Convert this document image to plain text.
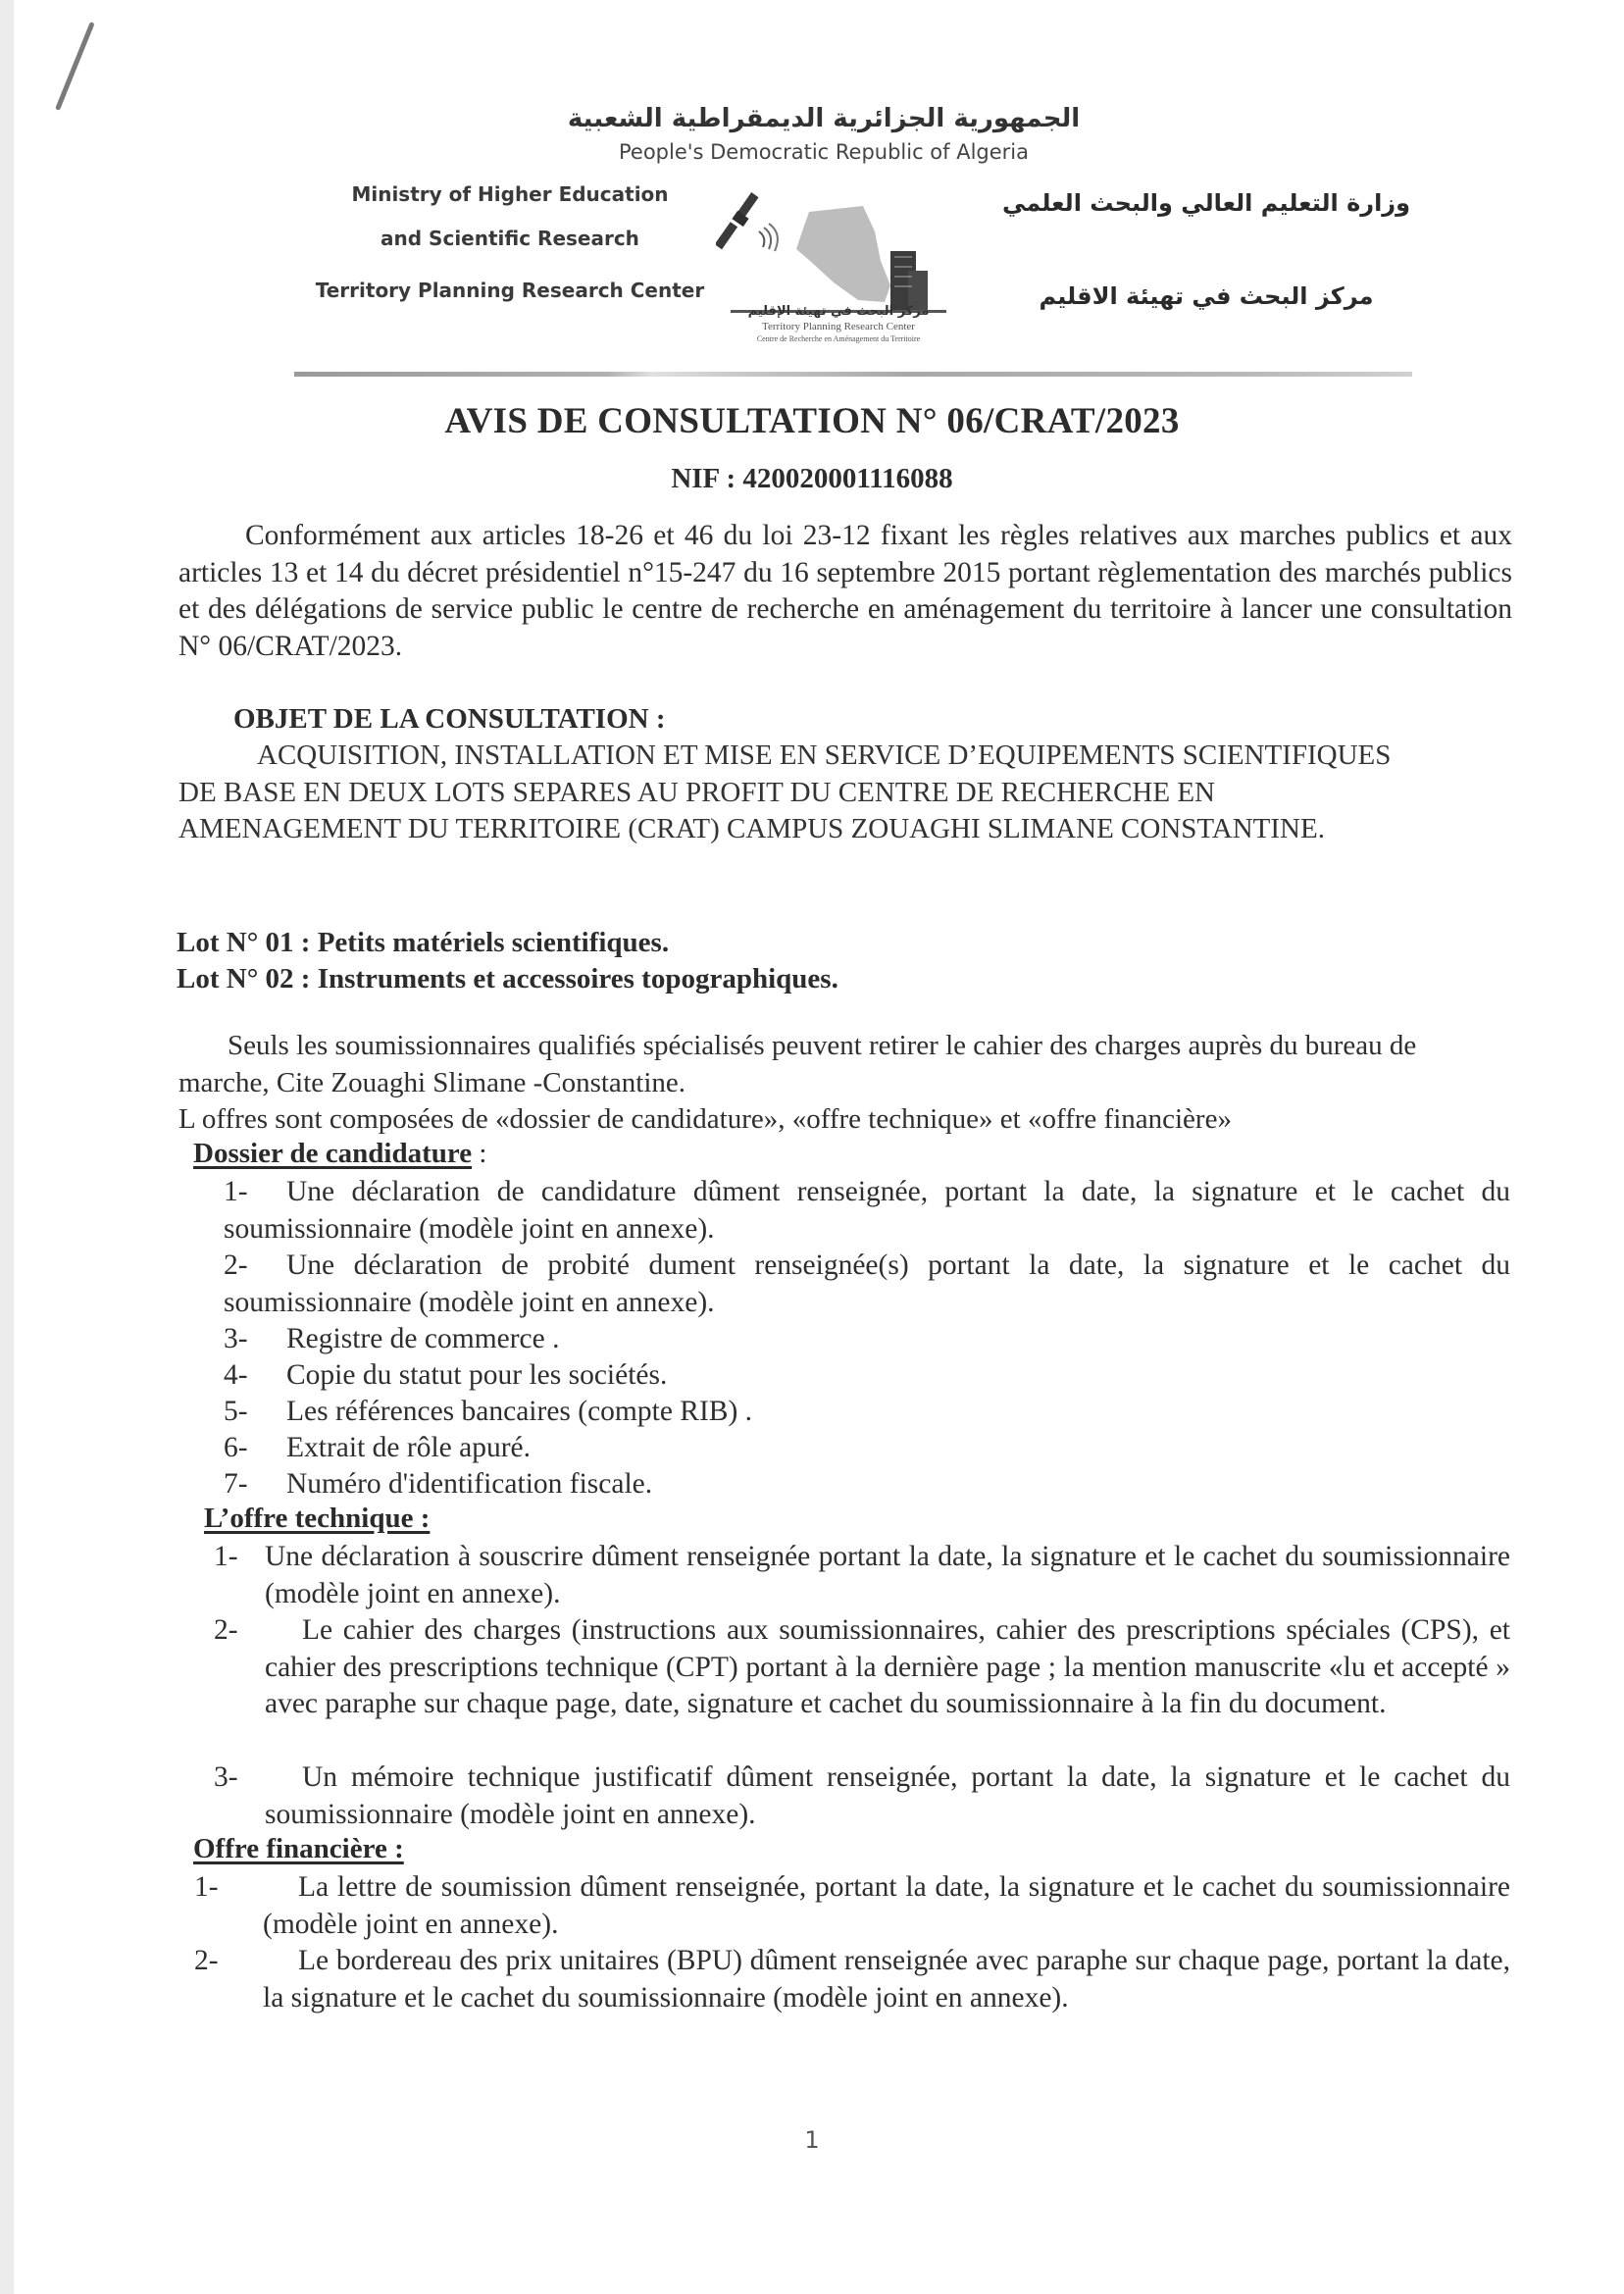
الجمهورية الجزائرية الديمقراطية الشعبية
People's Democratic Republic of Algeria
Ministry of Higher Education
and Scientific Research
Territory Planning Research Center
وزارة التعليم العالي والبحث العلمي
مركز البحث في تهيئة الاقليم
مركز البحث في تهيئة الإقليم
Territory Planning Research Center
Centre de Recherche en Aménagement du Territoire
AVIS DE CONSULTATION N° 06/CRAT/2023
NIF : 420020001116088
Conformément aux articles 18-26 et 46 du loi 23-12 fixant les règles relatives aux marches publics et aux articles 13 et 14 du décret présidentiel n°15-247 du 16 septembre 2015 portant règlementation des marchés publics et des délégations de service public le centre de recherche en aménagement du territoire à lancer une consultation N° 06/CRAT/2023.
OBJET DE LA CONSULTATION :
ACQUISITION, INSTALLATION ET MISE EN SERVICE D’EQUIPEMENTS SCIENTIFIQUES DE BASE EN DEUX LOTS SEPARES AU PROFIT DU CENTRE DE RECHERCHE EN AMENAGEMENT DU TERRITOIRE (CRAT) CAMPUS ZOUAGHI SLIMANE CONSTANTINE.
Lot N° 01 : Petits matériels scientifiques.
Lot N° 02 : Instruments et accessoires topographiques.
Seuls les soumissionnaires qualifiés spécialisés peuvent retirer le cahier des charges auprès du bureau de marche, Cite Zouaghi Slimane -Constantine.
L offres sont composées de «dossier de candidature», «offre technique» et «offre financière»
Dossier de candidature :
1- Une déclaration de candidature dûment renseignée, portant la date, la signature et le cachet du soumissionnaire (modèle joint en annexe).
2- Une déclaration de probité dument renseignée(s) portant la date, la signature et le cachet du soumissionnaire (modèle joint en annexe).
3- Registre de commerce .
4- Copie du statut pour les sociétés.
5- Les références bancaires (compte RIB) .
6- Extrait de rôle apuré.
7- Numéro d'identification fiscale.
L’offre technique :
1- Une déclaration à souscrire dûment renseignée portant la date, la signature et le cachet du soumissionnaire (modèle joint en annexe).
2- Le cahier des charges (instructions aux soumissionnaires, cahier des prescriptions spéciales (CPS), et cahier des prescriptions technique (CPT) portant à la dernière page ; la mention manuscrite «lu et accepté » avec paraphe sur chaque page, date, signature et cachet du soumissionnaire à la fin du document.
3- Un mémoire technique justificatif dûment renseignée, portant la date, la signature et le cachet du soumissionnaire (modèle joint en annexe).
Offre financière :
1-	La lettre de soumission dûment renseignée, portant la date, la signature et le cachet du soumissionnaire (modèle joint en annexe).
2-	Le bordereau des prix unitaires (BPU) dûment renseignée avec paraphe sur chaque page, portant la date, la signature et le cachet du soumissionnaire (modèle joint en annexe).
1
